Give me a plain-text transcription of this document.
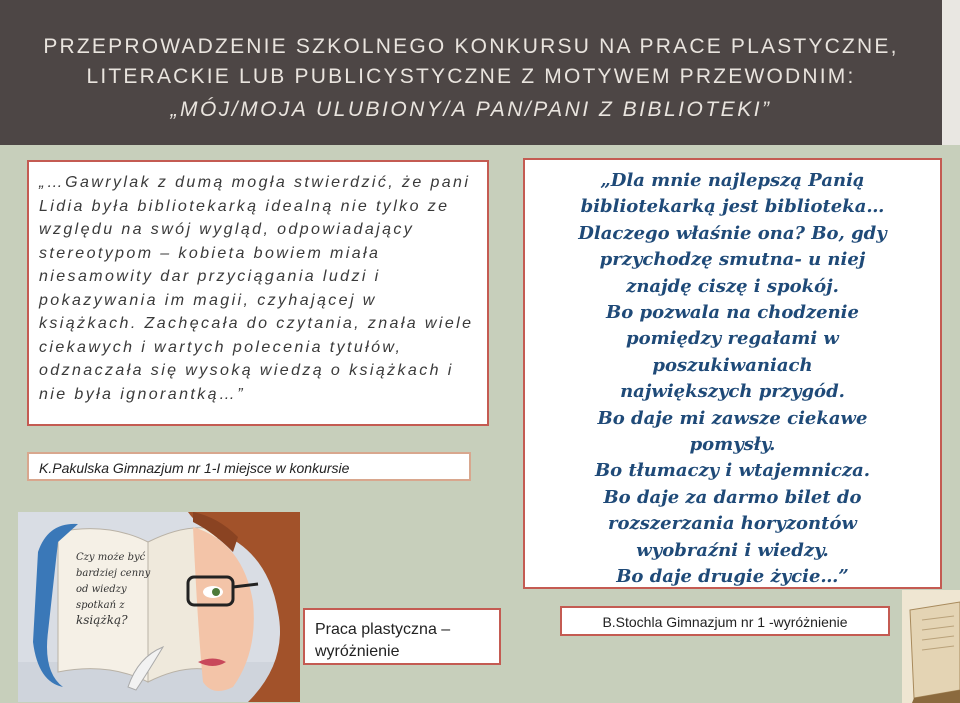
PRZEPROWADZENIE SZKOLNEGO KONKURSU NA PRACE PLASTYCZNE,
LITERACKIE LUB PUBLICYSTYCZNE Z MOTYWEM PRZEWODNIM:
„MÓJ/MOJA ULUBIONY/A PAN/PANI Z BIBLIOTEKI”

„…Gawrylak z dumą mogła stwierdzić, że pani Lidia była bibliotekarką idealną nie tylko ze względu na swój wygląd, odpowiadający stereotypom – kobieta bowiem miała niesamowity dar przyciągania ludzi i pokazywania im magii, czyhającej w książkach. Zachęcała do czytania, znała wiele ciekawych i wartych polecenia tytułów, odznaczała się wysoką wiedzą o książkach i nie była ignorantką…”

K.Pakulska Gimnazjum nr 1-I miejsce w konkursie
Czy może być
bardziej cenny
od wiedzy
spotkań z
książką?

„Dla mnie najlepszą Panią

bibliotekarką jest biblioteka…

Dlaczego właśnie ona? Bo, gdy

przychodzę smutna- u niej

znajdę ciszę i spokój.

Bo pozwala na chodzenie

pomiędzy regałami w

poszukiwaniach

największych przygód.

Bo daje mi zawsze ciekawe

pomysły.

Bo tłumaczy i wtajemnicza.

Bo daje za darmo bilet do

rozszerzania horyzontów

wyobraźni i wiedzy.

Bo daje drugie życie…”

Praca plastyczna – wyróżnienie
B.Stochla Gimnazjum nr 1 -wyróżnienie
